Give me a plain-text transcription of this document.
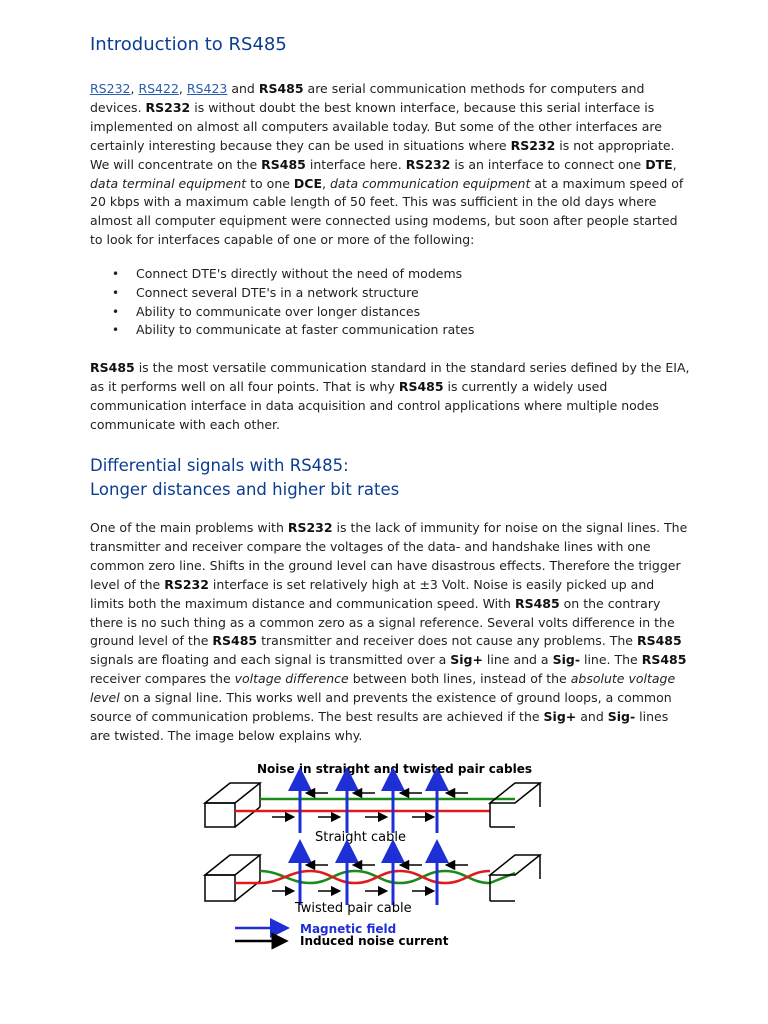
Introduction to RS485

RS232, RS422, RS423 and RS485 are serial communication methods for computers and devices. RS232 is without doubt the best known interface, because this serial interface is implemented on almost all computers available today. But some of the other interfaces are certainly interesting because they can be used in situations where RS232 is not appropriate. We will concentrate on the RS485 interface here. RS232 is an interface to connect one DTE, data terminal equipment to one DCE, data communication equipment at a maximum speed of 20 kbps with a maximum cable length of 50 feet. This was sufficient in the old days where almost all computer equipment were connected using modems, but soon after people started to look for interfaces capable of one or more of the following:

• Connect DTE's directly without the need of modems
• Connect several DTE's in a network structure
• Ability to communicate over longer distances
• Ability to communicate at faster communication rates

RS485 is the most versatile communication standard in the standard series defined by the EIA, as it performs well on all four points. That is why RS485 is currently a widely used communication interface in data acquisition and control applications where multiple nodes communicate with each other.

Differential signals with RS485:
Longer distances and higher bit rates

One of the main problems with RS232 is the lack of immunity for noise on the signal lines. The transmitter and receiver compare the voltages of the data- and handshake lines with one common zero line. Shifts in the ground level can have disastrous effects. Therefore the trigger level of the RS232 interface is set relatively high at ±3 Volt. Noise is easily picked up and limits both the maximum distance and communication speed. With RS485 on the contrary there is no such thing as a common zero as a signal reference. Several volts difference in the ground level of the RS485 transmitter and receiver does not cause any problems. The RS485 signals are floating and each signal is transmitted over a Sig+ line and a Sig- line. The RS485 receiver compares the voltage difference between both lines, instead of the absolute voltage level on a signal line. This works well and prevents the existence of ground loops, a common source of communication problems. The best results are achieved if the Sig+ and Sig- lines are twisted. The image below explains why.

Noise in straight and twisted pair cables
Straight cable
Twisted pair cable
Magnetic field
Induced noise current
